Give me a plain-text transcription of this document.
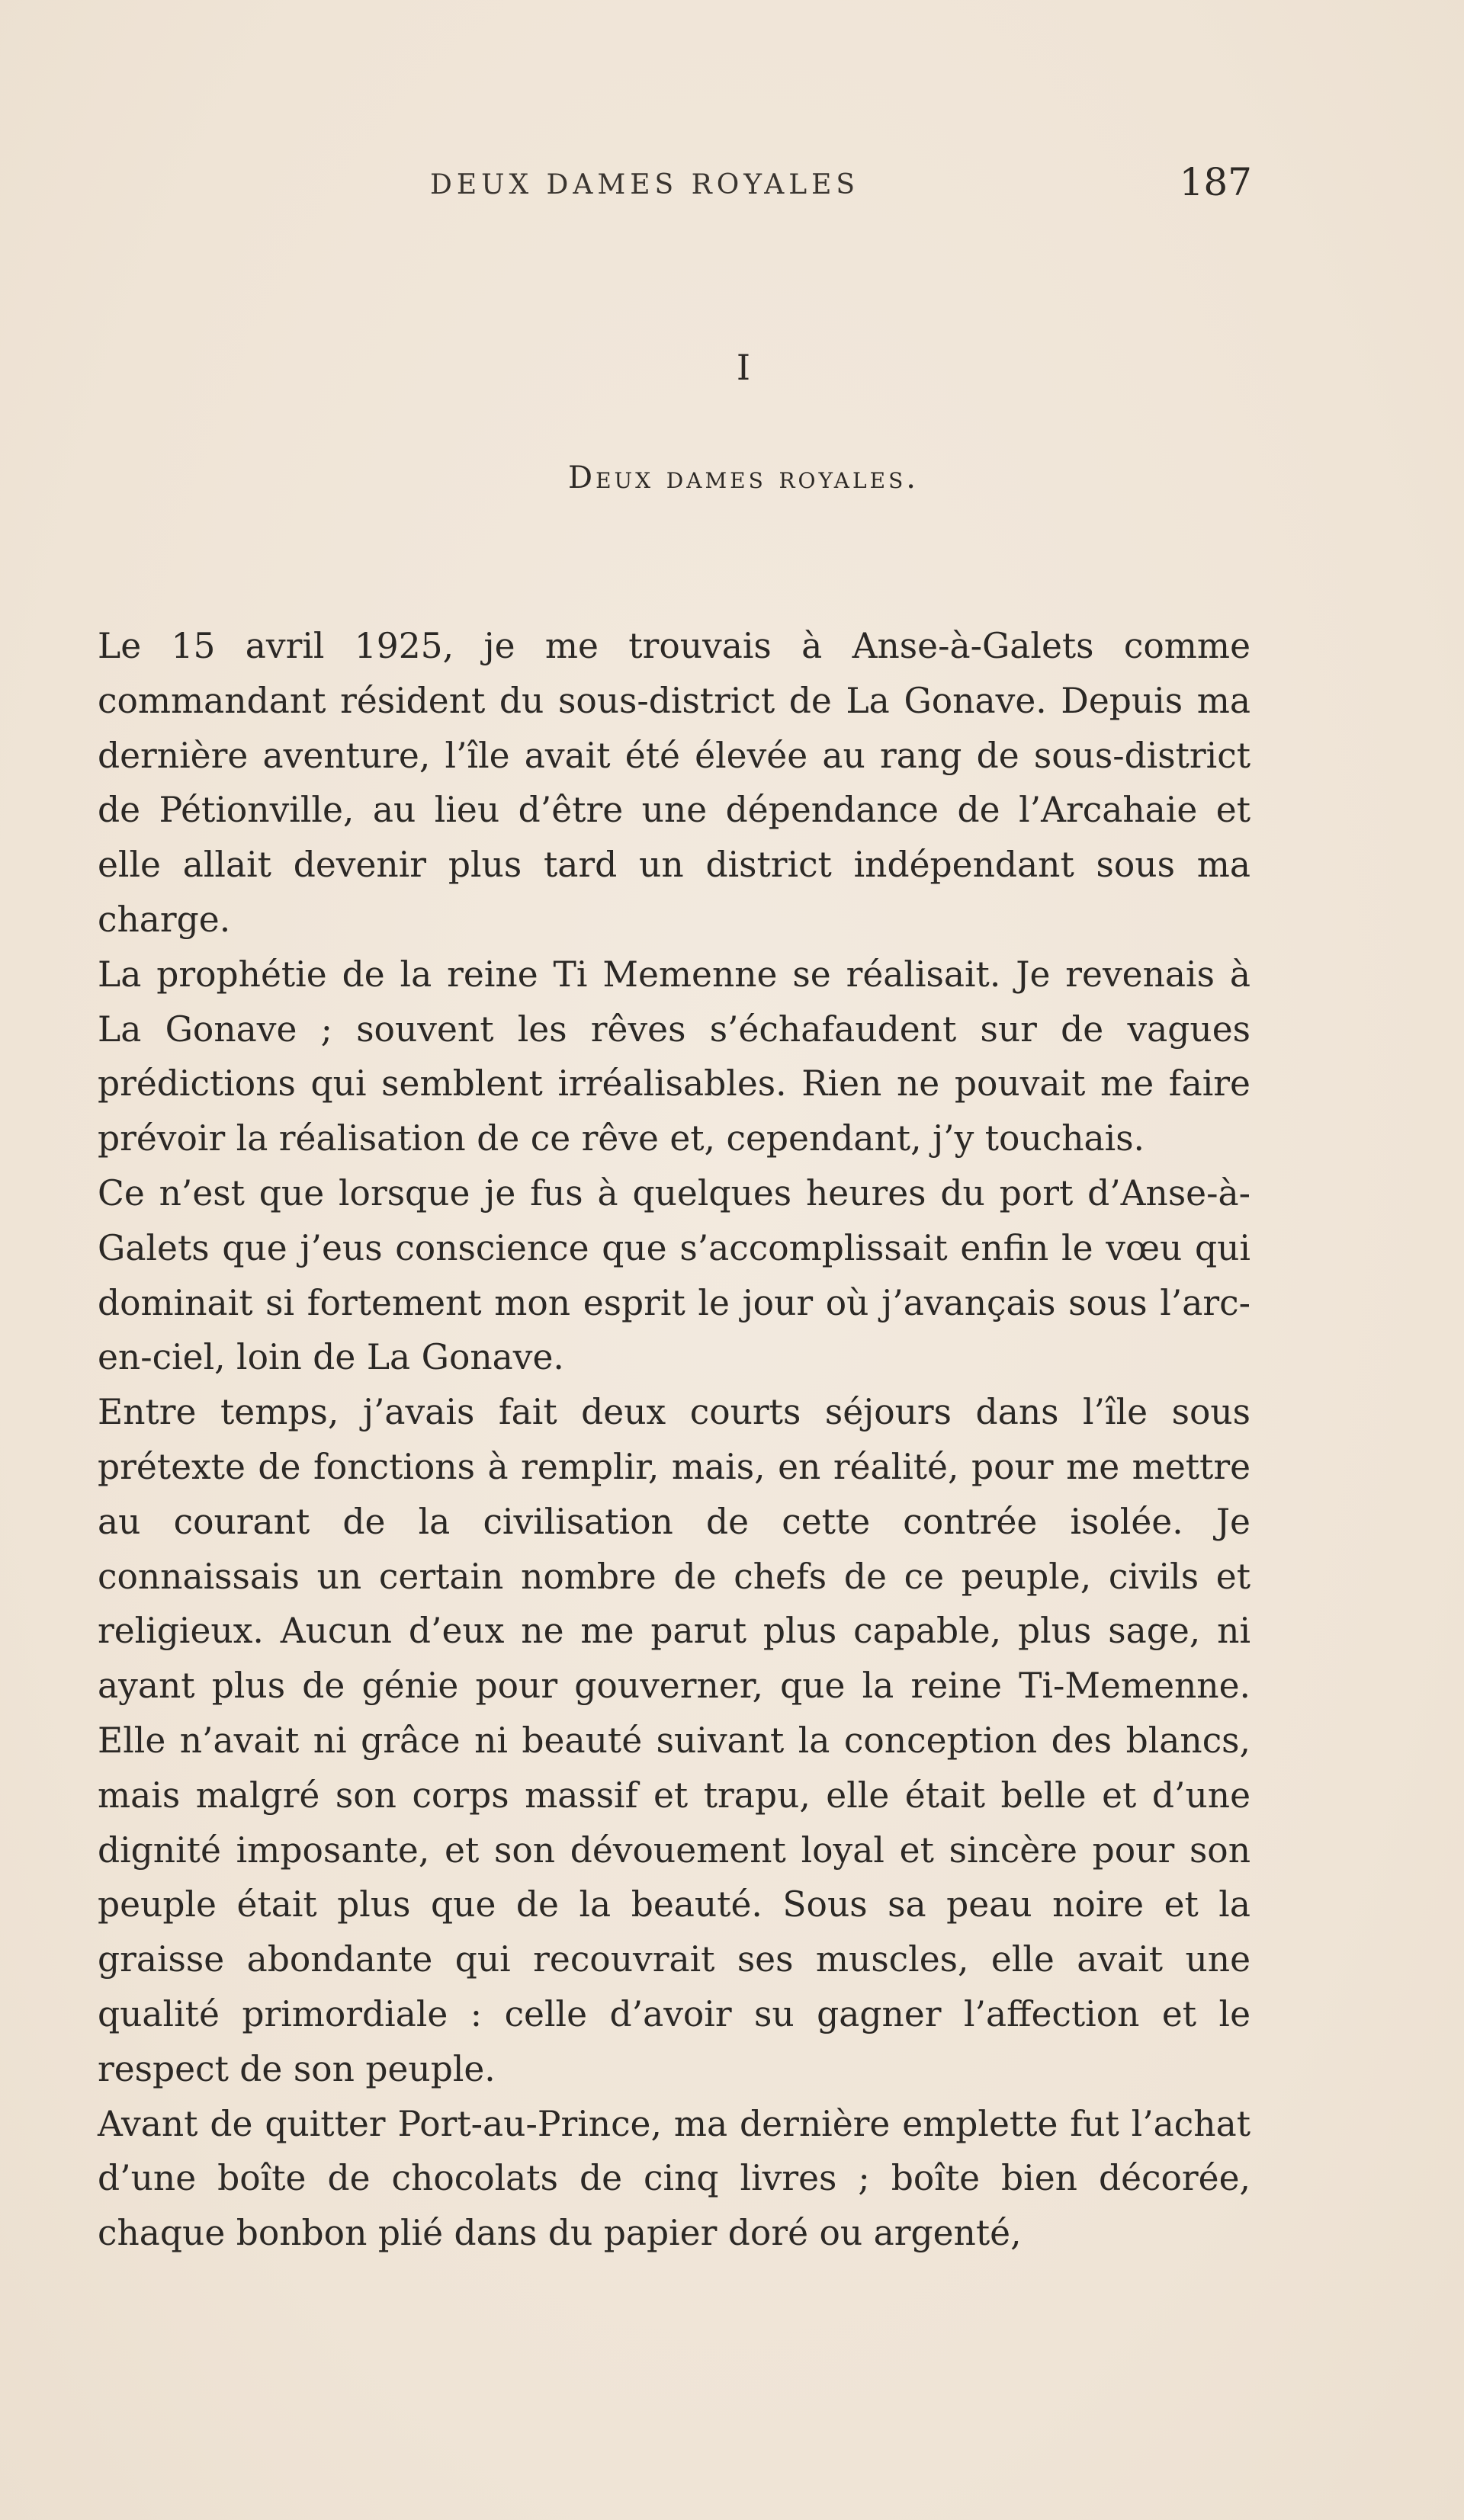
DEUX DAMES ROYALES	187
I
Deux dames royales.

Le 15 avril 1925, je me trouvais à Anse-à-Galets comme commandant résident du sous-district de La Gonave. Depuis ma dernière aventure, l’île avait été élevée au rang de sous-district de Pétionville, au lieu d’être une dépendance de l’Arcahaie et elle allait devenir plus tard un district indépendant sous ma charge.

La prophétie de la reine Ti Memenne se réalisait. Je revenais à La Gonave ; souvent les rêves s’échafaudent sur de vagues prédictions qui semblent irréalisables. Rien ne pouvait me faire prévoir la réalisation de ce rêve et, cependant, j’y touchais.

Ce n’est que lorsque je fus à quelques heures du port d’Anse-à-Galets que j’eus conscience que s’accomplissait enfin le vœu qui dominait si fortement mon esprit le jour où j’avançais sous l’arc-en-ciel, loin de La Gonave.

Entre temps, j’avais fait deux courts séjours dans l’île sous prétexte de fonctions à remplir, mais, en réalité, pour me mettre au courant de la civilisation de cette contrée isolée. Je connaissais un certain nombre de chefs de ce peuple, civils et religieux. Aucun d’eux ne me parut plus capable, plus sage, ni ayant plus de génie pour gouverner, que la reine Ti-Memenne. Elle n’avait ni grâce ni beauté suivant la conception des blancs, mais malgré son corps massif et trapu, elle était belle et d’une dignité imposante, et son dévouement loyal et sincère pour son peuple était plus que de la beauté. Sous sa peau noire et la graisse abondante qui recouvrait ses muscles, elle avait une qualité primordiale : celle d’avoir su gagner l’affection et le respect de son peuple.

Avant de quitter Port-au-Prince, ma dernière emplette fut l’achat d’une boîte de chocolats de cinq livres ; boîte bien décorée, chaque bonbon plié dans du papier doré ou argenté,
